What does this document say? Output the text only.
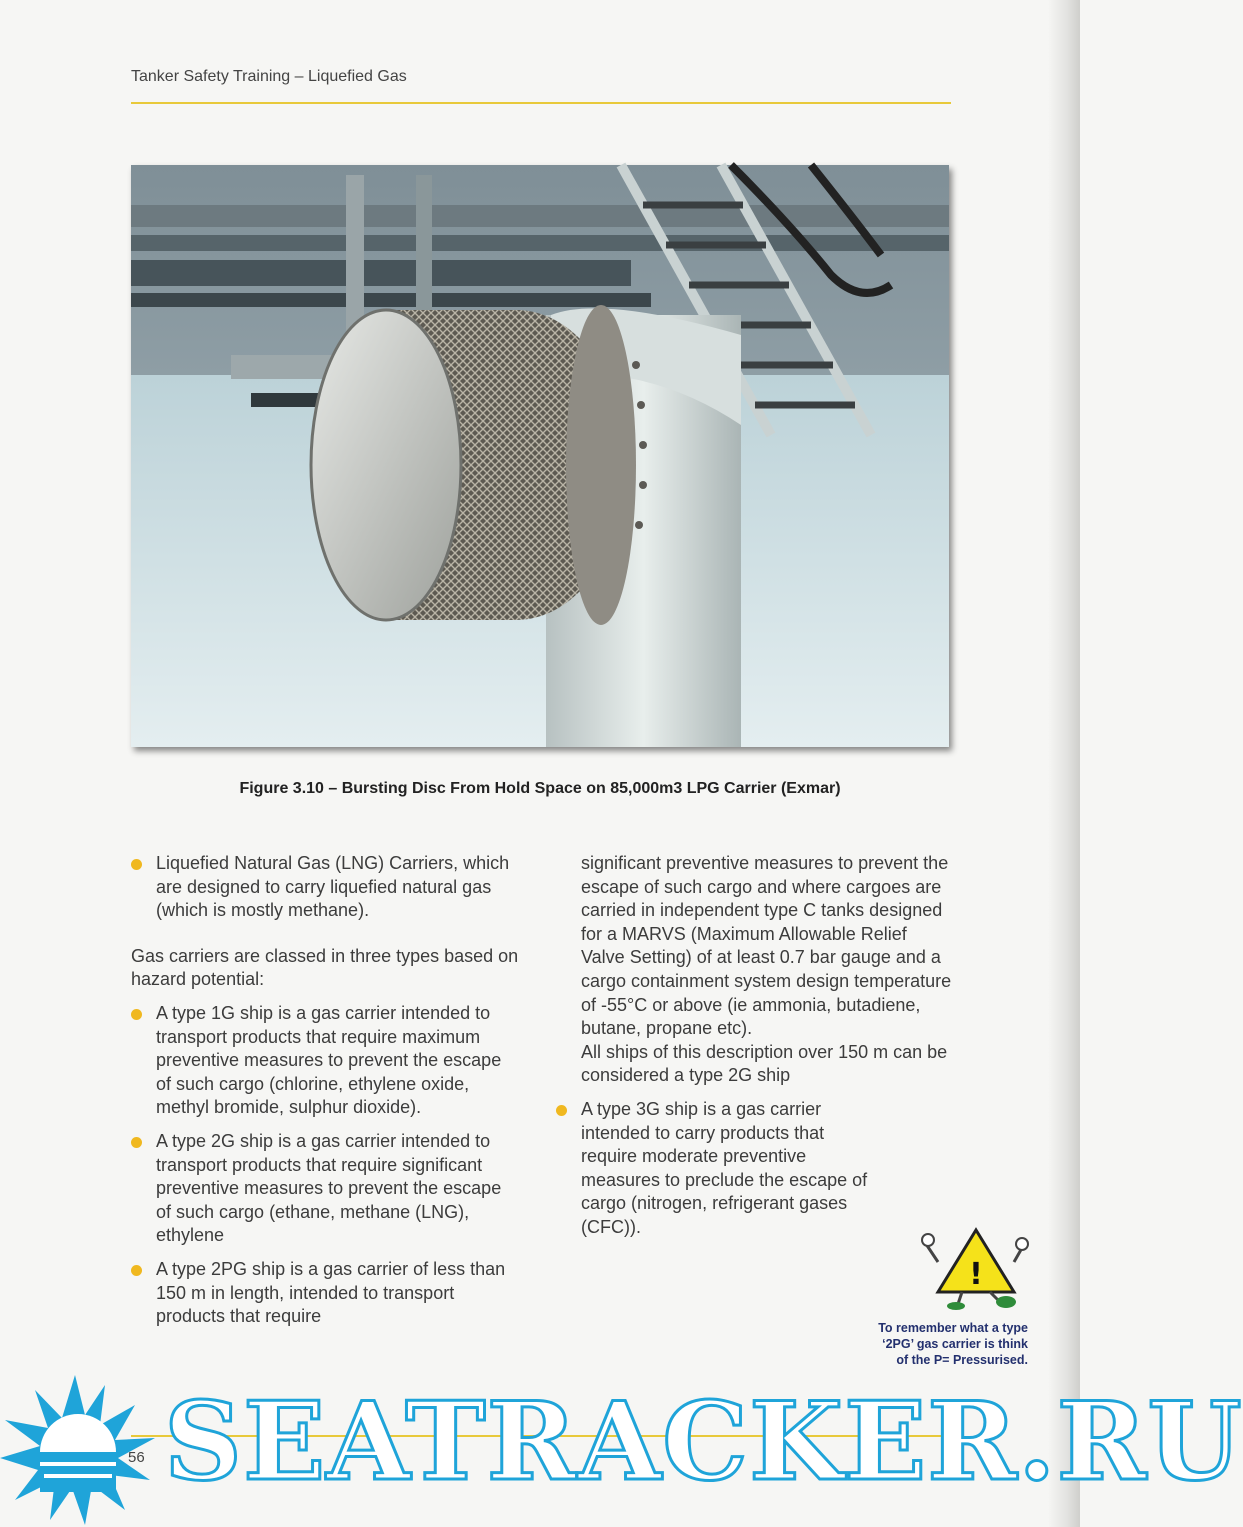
Tanker Safety Training – Liquefied Gas
Figure 3.10 – Bursting Disc From Hold Space on 85,000m3 LPG Carrier (Exmar)

Liquefied Natural Gas (LNG) Carriers, which are designed to carry liquefied natural gas (which is mostly methane).

Gas carriers are classed in three types based on hazard potential:

A type 1G ship is a gas carrier intended to transport products that require maximum preventive measures to prevent the escape of such cargo (chlorine, ethylene oxide, methyl bromide, sulphur dioxide).

A type 2G ship is a gas carrier intended to transport products that require significant preventive measures to prevent the escape of such cargo (ethane, methane (LNG), ethylene

A type 2PG ship is a gas carrier of less than 150 m in length, intended to transport products that require

significant preventive measures to prevent the escape of such cargo and where cargoes are carried in independent type C tanks designed for a MARVS (Maximum Allowable Relief Valve Setting) of at least 0.7 bar gauge and a cargo containment system design temperature of -55°C or above (ie ammonia, butadiene, butane, propane etc).

All ships of this description over 150 m can be considered a type 2G ship

A type 3G ship is a gas carrier intended to carry products that require moderate preventive measures to preclude the escape of cargo (nitrogen, refrigerant gases (CFC)).

!
To remember what a type
‘2PG’ gas carrier is think
of the P= Pressurised.
SEATRACKER.RU
56
